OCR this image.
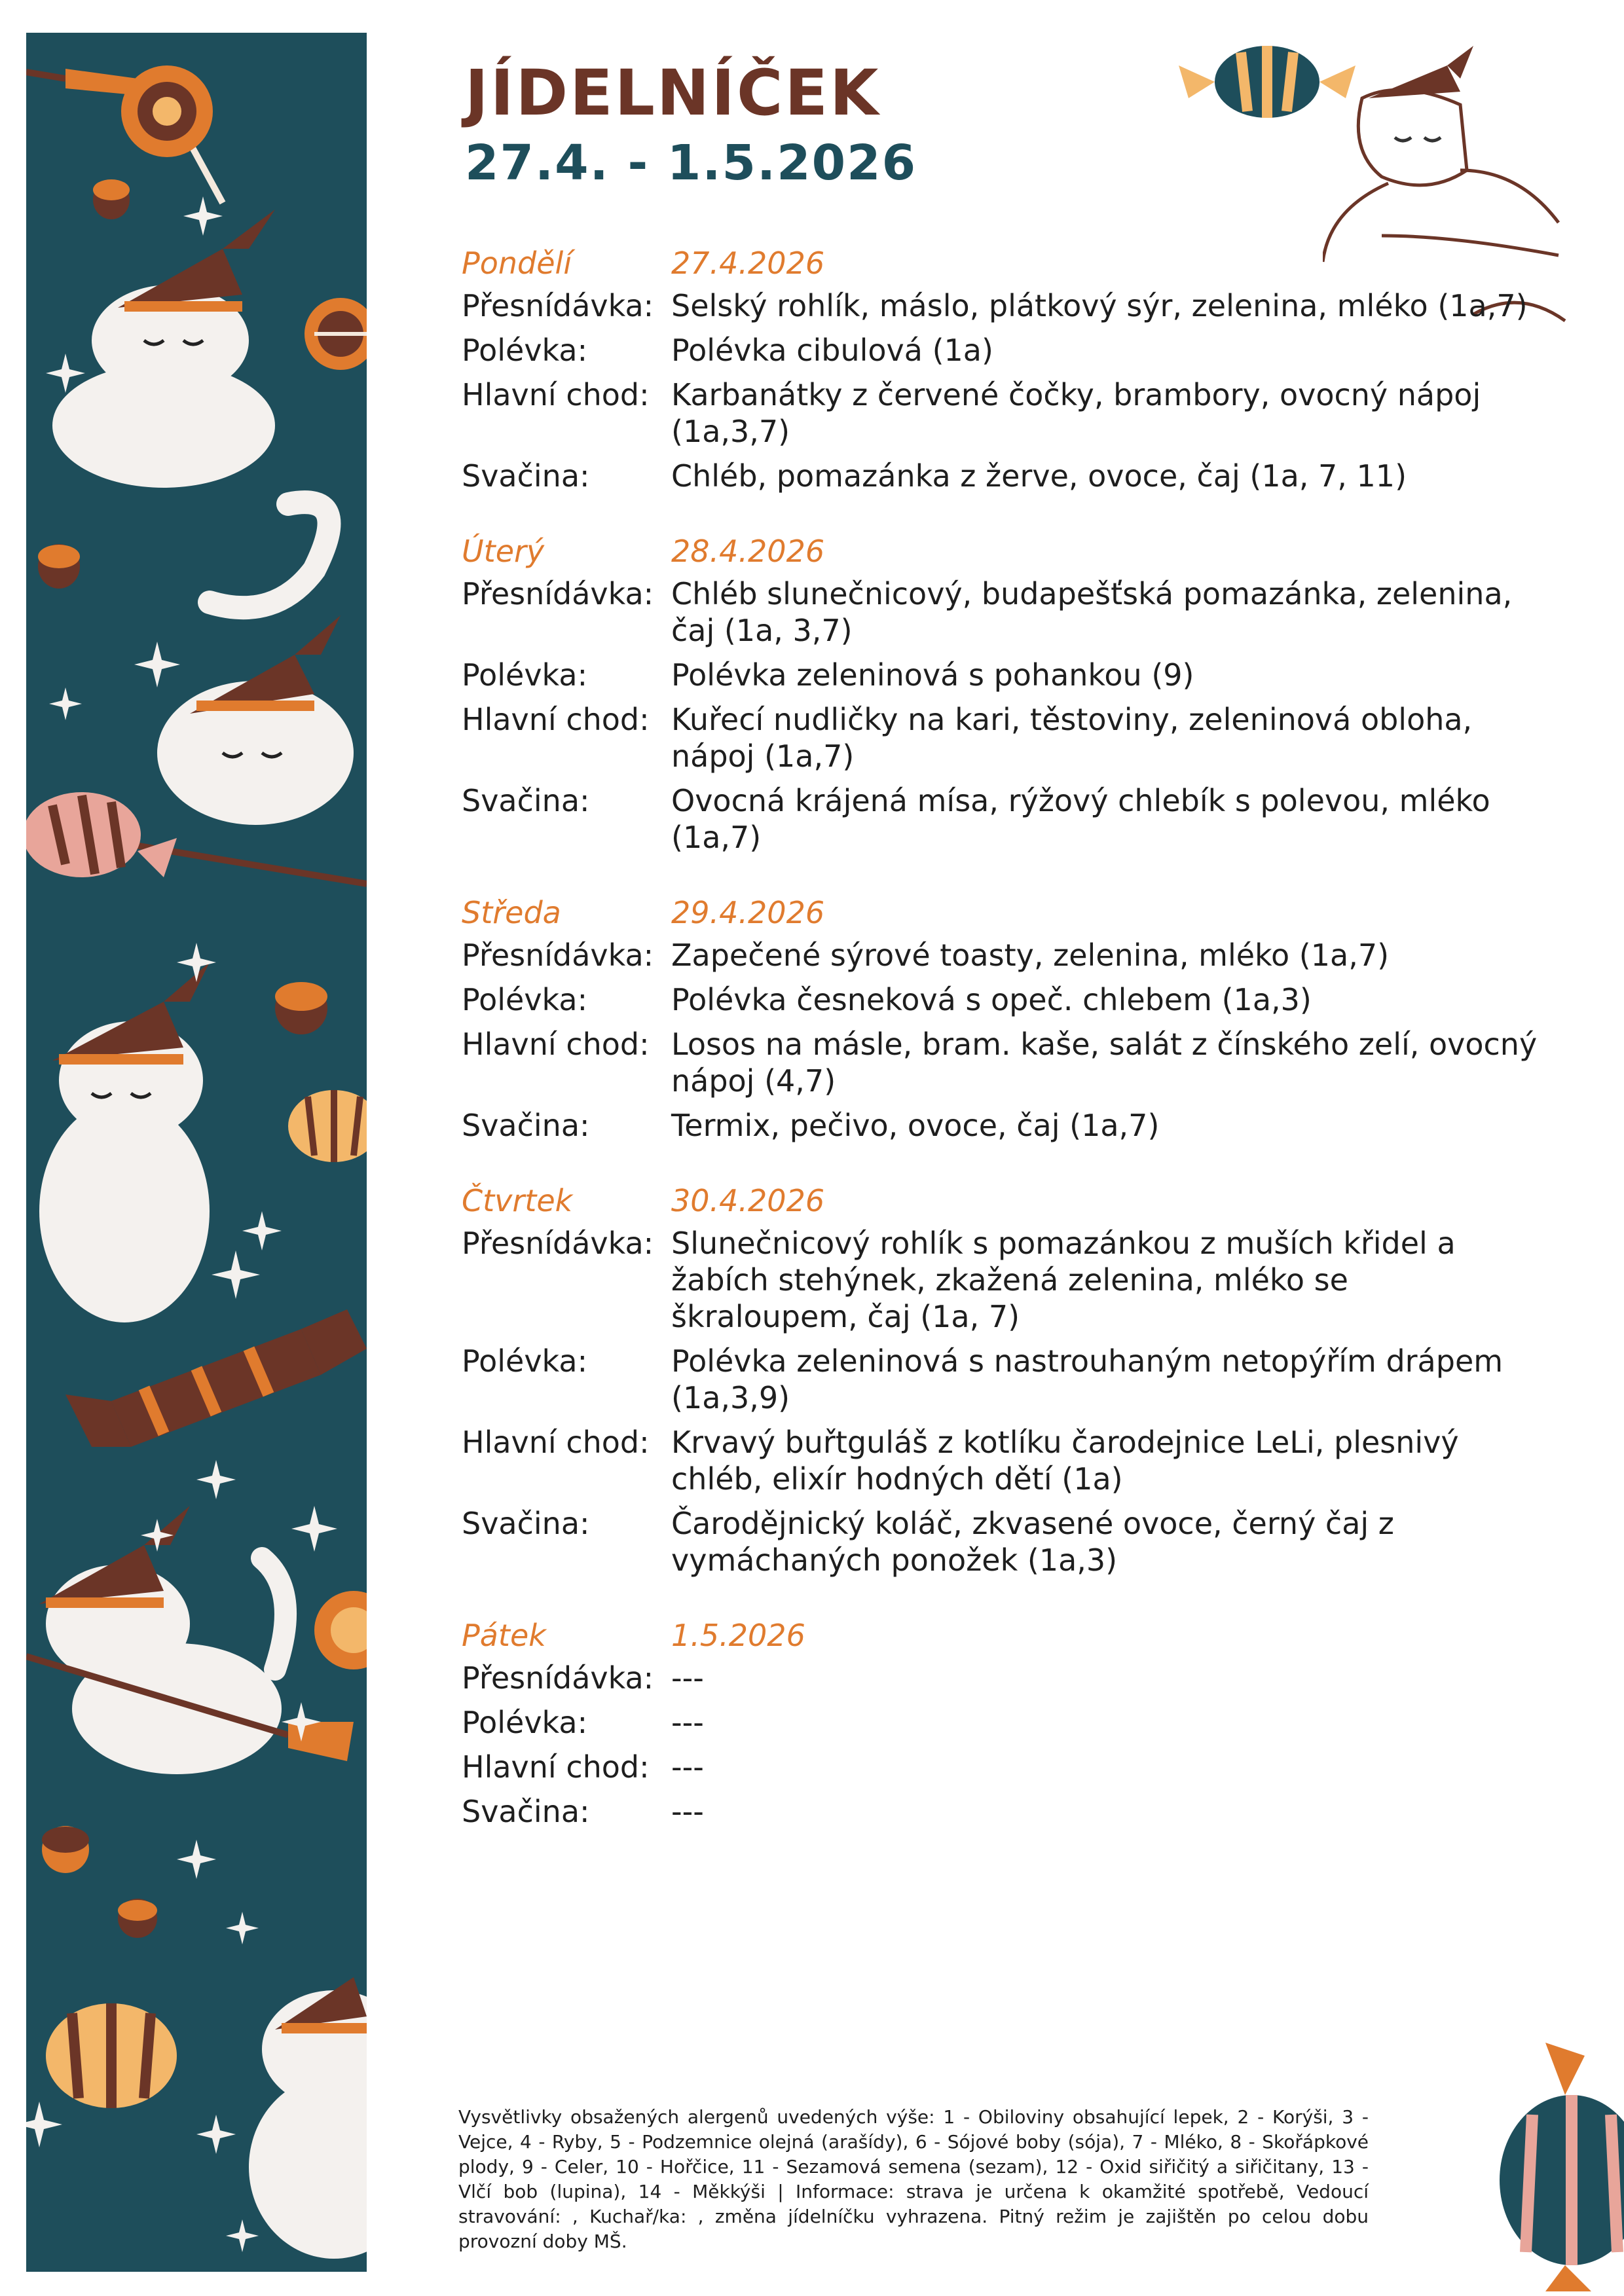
JÍDELNÍČEK
27.4. - 1.5.2026
Pondělí	27.4.2026
Přesnídávka: Selský rohlík, máslo, plátkový sýr, zelenina, mléko (1a,7)
Polévka:	Polévka cibulová (1a)
Hlavní chod: Karbanátky z červené čočky, brambory, ovocný nápoj (1a,3,7)
Svačina:	Chléb, pomazánka z žerve, ovoce, čaj (1a, 7, 11)
Úterý	28.4.2026
Přesnídávka: Chléb slunečnicový, budapešťská pomazánka, zelenina, čaj (1a, 3,7)
Polévka:	Polévka zeleninová s pohankou (9)
Hlavní chod: Kuřecí nudličky na kari, těstoviny, zeleninová obloha, nápoj (1a,7)
Svačina:	Ovocná krájená mísa, rýžový chlebík s polevou, mléko (1a,7)
Středa	29.4.2026
Přesnídávka: Zapečené sýrové toasty, zelenina, mléko (1a,7)
Polévka:	Polévka česneková s opeč. chlebem (1a,3)
Hlavní chod: Losos na másle, bram. kaše, salát z čínského zelí, ovocný nápoj (4,7)
Svačina:	Termix, pečivo, ovoce, čaj (1a,7)
Čtvrtek	30.4.2026
Přesnídávka: Slunečnicový rohlík s pomazánkou z muších křidel a žabích stehýnek, zkažená zelenina, mléko se škraloupem, čaj (1a, 7)
Polévka:	Polévka zeleninová s nastrouhaným netopýřím drápem (1a,3,9)
Hlavní chod: Krvavý buřtguláš z kotlíku čarodejnice LeLi, plesnivý chléb, elixír hodných dětí (1a)
Svačina:	Čarodějnický koláč, zkvasené ovoce, černý čaj z vymáchaných ponožek (1a,3)
Pátek	1.5.2026
Přesnídávka: ---
Polévka:	---
Hlavní chod: ---
Svačina:	---
Vysvětlivky obsažených alergenů uvedených výše: 1 - Obiloviny obsahující lepek, 2 - Korýši, 3 - Vejce, 4 - Ryby, 5 - Podzemnice olejná (arašídy), 6 - Sójové boby (sója), 7 - Mléko, 8 - Skořápkové plody, 9 - Celer, 10 - Hořčice, 11 - Sezamová semena (sezam), 12 - Oxid siřičitý a siřičitany, 13 - Vlčí bob (lupina), 14 - Měkkýši | Informace: strava je určena k okamžité spotřebě, Vedoucí stravování: , Kuchař/ka: , změna jídelníčku vyhrazena. Pitný režim je zajištěn po celou dobu provozní doby MŠ.
